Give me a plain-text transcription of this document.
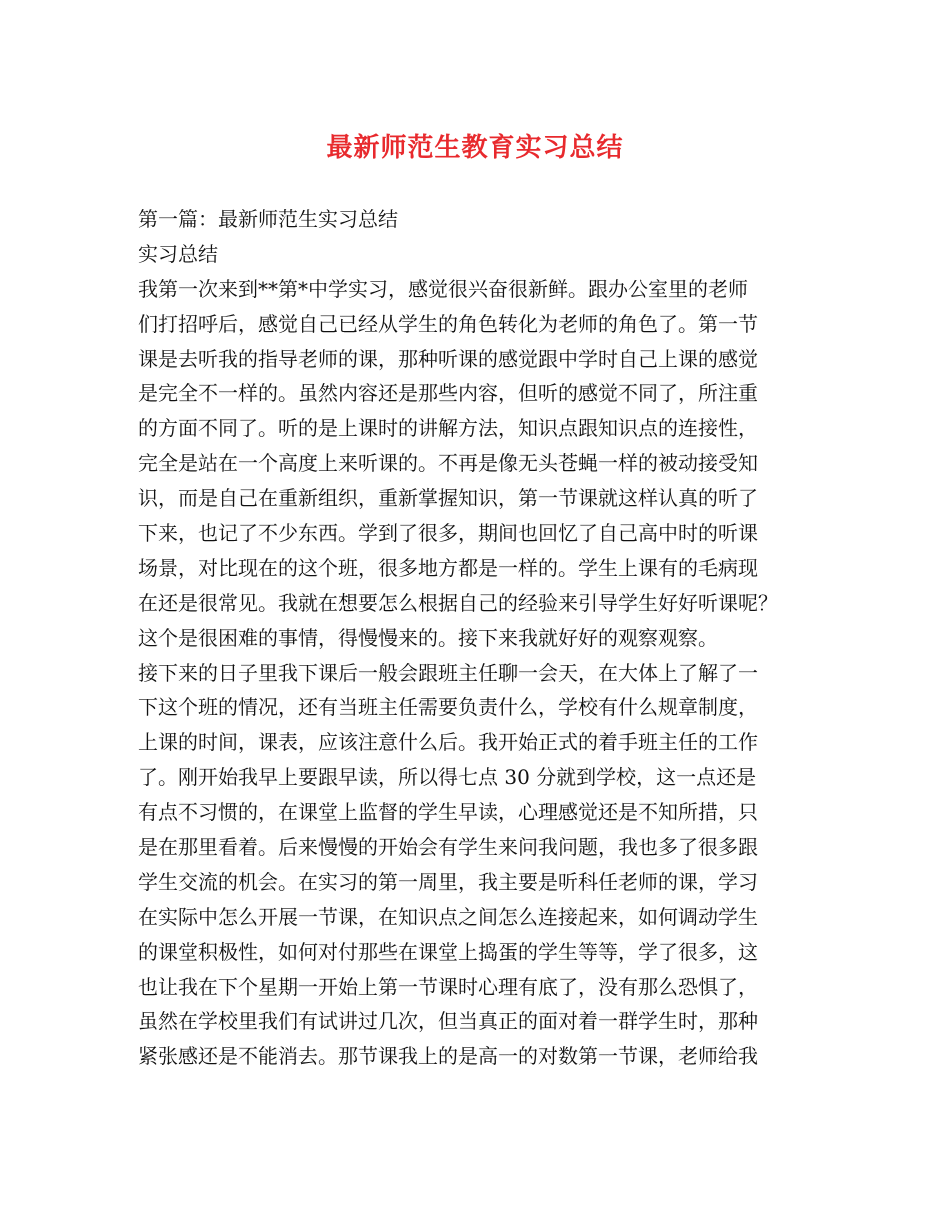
最新师范生教育实习总结
第一篇：最新师范生实习总结
实习总结
我第一次来到**第*中学实习，感觉很兴奋很新鲜。跟办公室里的老师
们打招呼后，感觉自己已经从学生的角色转化为老师的角色了。第一节
课是去听我的指导老师的课，那种听课的感觉跟中学时自己上课的感觉
是完全不一样的。虽然内容还是那些内容，但听的感觉不同了，所注重
的方面不同了。听的是上课时的讲解方法，知识点跟知识点的连接性，
完全是站在一个高度上来听课的。不再是像无头苍蝇一样的被动接受知
识，而是自己在重新组织，重新掌握知识，第一节课就这样认真的听了
下来，也记了不少东西。学到了很多，期间也回忆了自己高中时的听课
场景，对比现在的这个班，很多地方都是一样的。学生上课有的毛病现
在还是很常见。我就在想要怎么根据自己的经验来引导学生好好听课呢？
这个是很困难的事情，得慢慢来的。接下来我就好好的观察观察。
接下来的日子里我下课后一般会跟班主任聊一会天，在大体上了解了一
下这个班的情况，还有当班主任需要负责什么，学校有什么规章制度，
上课的时间，课表，应该注意什么后。我开始正式的着手班主任的工作
了。刚开始我早上要跟早读，所以得七点 30 分就到学校，这一点还是
有点不习惯的，在课堂上监督的学生早读，心理感觉还是不知所措，只
是在那里看着。后来慢慢的开始会有学生来问我问题，我也多了很多跟
学生交流的机会。在实习的第一周里，我主要是听科任老师的课，学习
在实际中怎么开展一节课，在知识点之间怎么连接起来，如何调动学生
的课堂积极性，如何对付那些在课堂上捣蛋的学生等等，学了很多，这
也让我在下个星期一开始上第一节课时心理有底了，没有那么恐惧了，
虽然在学校里我们有试讲过几次，但当真正的面对着一群学生时，那种
紧张感还是不能消去。那节课我上的是高一的对数第一节课，老师给我
